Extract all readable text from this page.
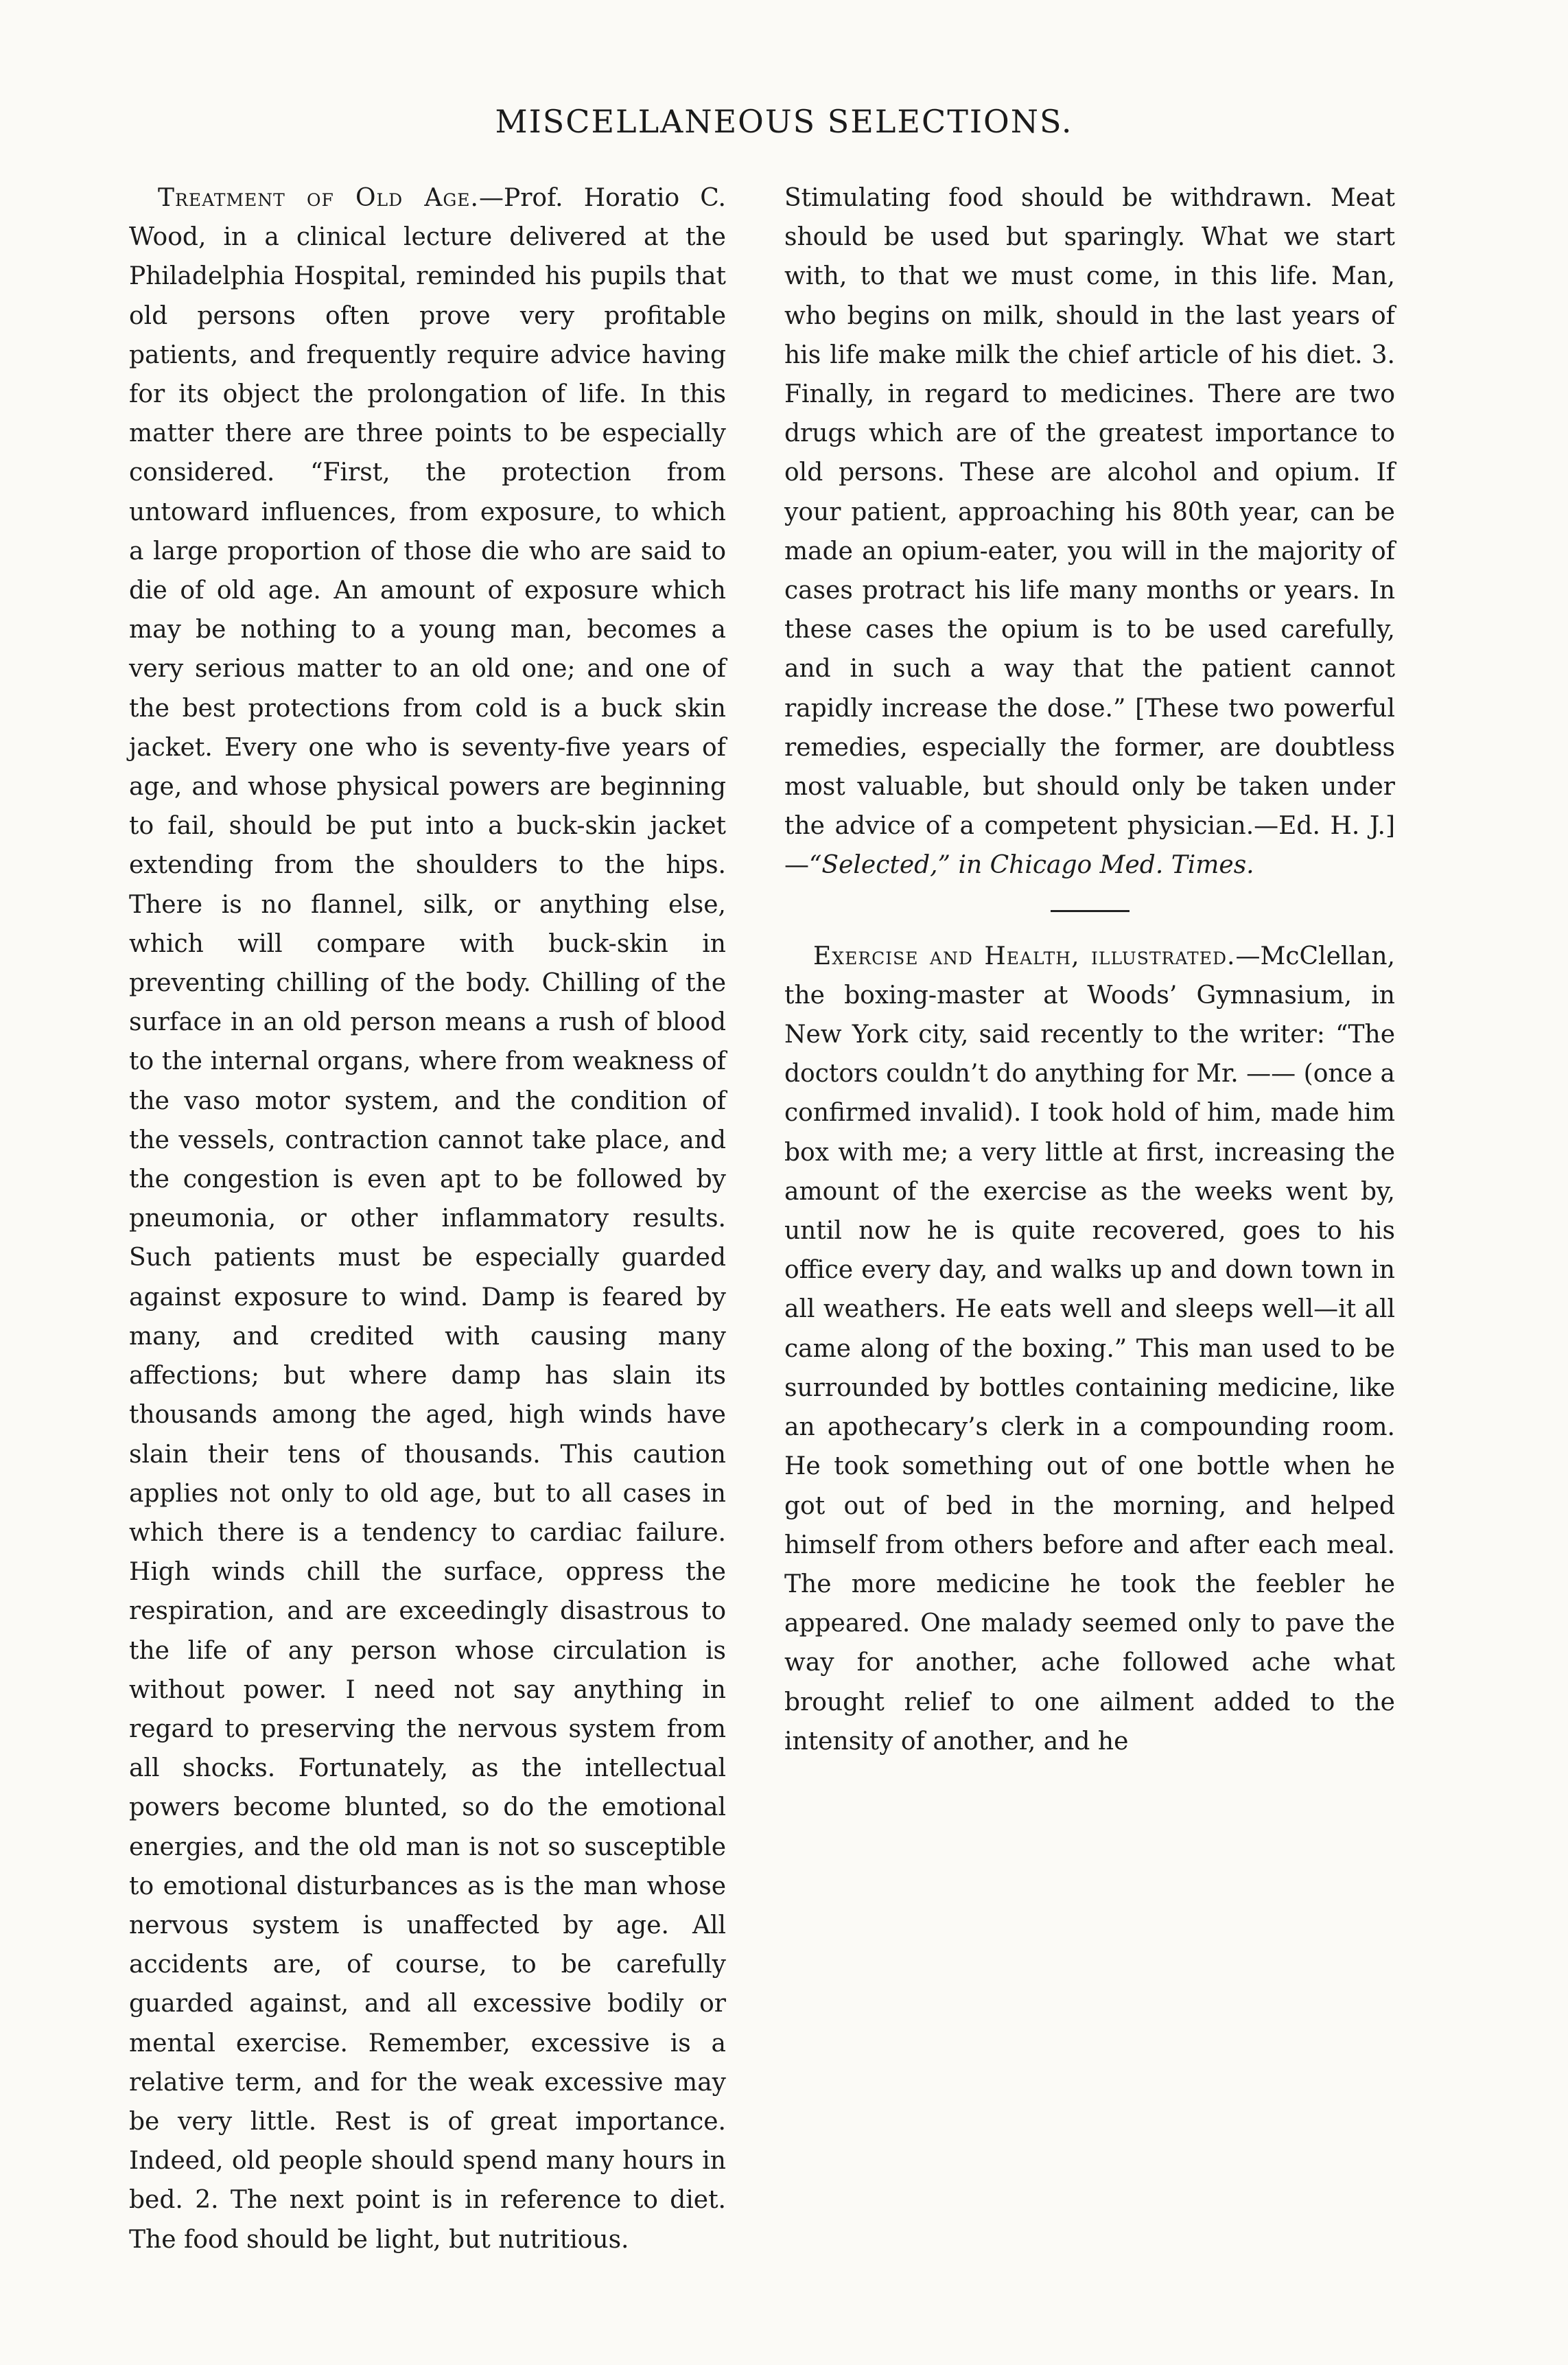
MISCELLANEOUS SELECTIONS.

Treatment of Old Age.—Prof. Horatio C. Wood, in a clinical lecture delivered at the Philadelphia Hospital, reminded his pupils that old persons often prove very profitable patients, and frequently require advice having for its object the prolongation of life. In this matter there are three points to be especially considered. “First, the protection from untoward influences, from exposure, to which a large proportion of those die who are said to die of old age. An amount of exposure which may be nothing to a young man, becomes a very serious matter to an old one; and one of the best protections from cold is a buck skin jacket. Every one who is seventy-five years of age, and whose physical powers are beginning to fail, should be put into a buck-skin jacket extending from the shoulders to the hips. There is no flannel, silk, or anything else, which will compare with buck-skin in preventing chilling of the body. Chilling of the surface in an old person means a rush of blood to the internal organs, where from weakness of the vaso motor system, and the condition of the vessels, contraction cannot take place, and the congestion is even apt to be followed by pneumonia, or other inflammatory results. Such patients must be especially guarded against exposure to wind. Damp is feared by many, and credited with causing many affections; but where damp has slain its thousands among the aged, high winds have slain their tens of thousands. This caution applies not only to old age, but to all cases in which there is a tendency to cardiac failure. High winds chill the surface, oppress the respiration, and are exceedingly disastrous to the life of any person whose circulation is without power. I need not say anything in regard to preserving the nervous system from all shocks. Fortunately, as the intellectual powers become blunted, so do the emotional energies, and the old man is not so susceptible to emotional disturbances as is the man whose nervous system is unaffected by age. All accidents are, of course, to be carefully guarded against, and all excessive bodily or mental exercise. Remember, excessive is a relative term, and for the weak excessive may be very little. Rest is of great importance. Indeed, old people should spend many hours in bed. 2. The next point is in reference to diet. The food should be light, but nutritious.

Stimulating food should be withdrawn. Meat should be used but sparingly. What we start with, to that we must come, in this life. Man, who begins on milk, should in the last years of his life make milk the chief article of his diet. 3. Finally, in regard to medicines. There are two drugs which are of the greatest importance to old persons. These are alcohol and opium. If your patient, approaching his 80th year, can be made an opium-eater, you will in the majority of cases protract his life many months or years. In these cases the opium is to be used carefully, and in such a way that the patient cannot rapidly increase the dose.” [These two powerful remedies, especially the former, are doubtless most valuable, but should only be taken under the advice of a competent physician.—Ed. H. J.]—“Selected,” in Chicago Med. Times.

Exercise and Health, illustrated.—McClellan, the boxing-master at Woods’ Gymnasium, in New York city, said recently to the writer: “The doctors couldn’t do anything for Mr. —— (once a confirmed invalid). I took hold of him, made him box with me; a very little at first, increasing the amount of the exercise as the weeks went by, until now he is quite recovered, goes to his office every day, and walks up and down town in all weathers. He eats well and sleeps well—it all came along of the boxing.” This man used to be surrounded by bottles containing medicine, like an apothecary’s clerk in a compounding room. He took something out of one bottle when he got out of bed in the morning, and helped himself from others before and after each meal. The more medicine he took the feebler he appeared. One malady seemed only to pave the way for another, ache followed ache what brought relief to one ailment added to the intensity of another, and he
